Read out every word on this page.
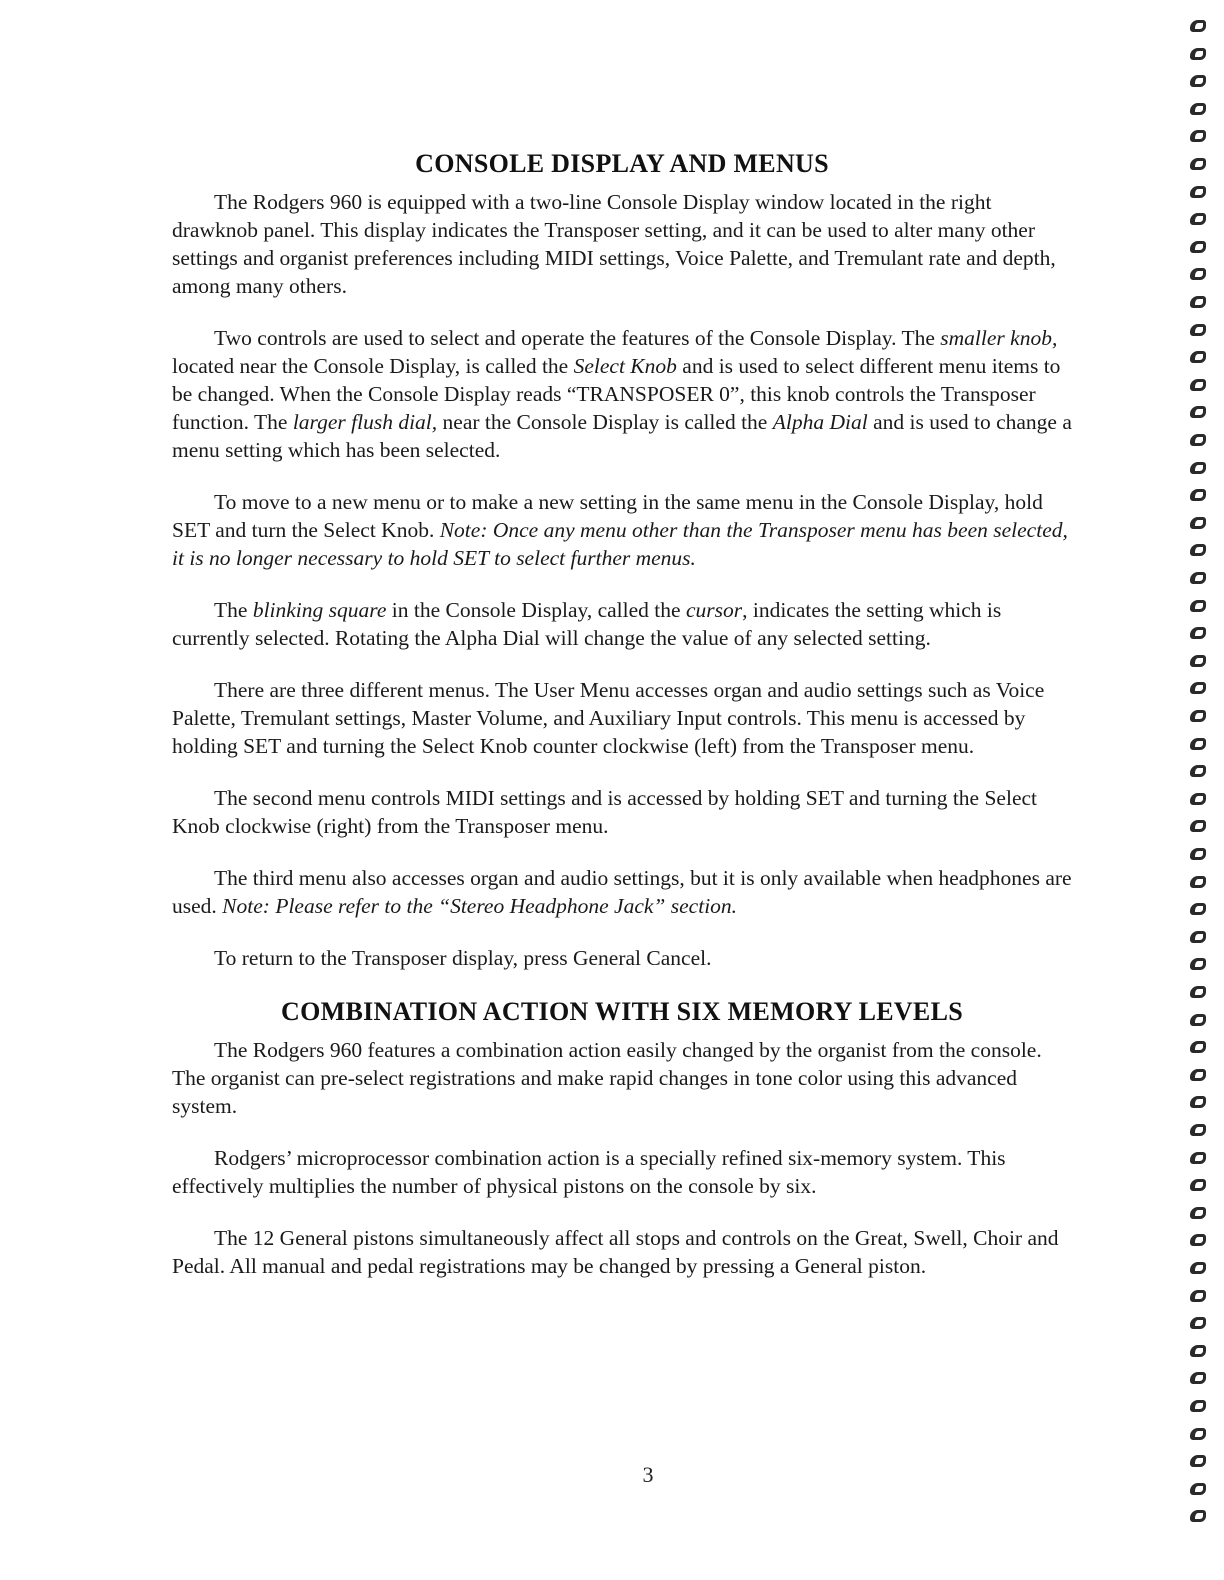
CONSOLE DISPLAY AND MENUS

The Rodgers 960 is equipped with a two-line Console Display window located in the right drawknob panel. This display indicates the Transposer setting, and it can be used to alter many other settings and organist preferences including MIDI settings, Voice Palette, and Tremulant rate and depth, among many others.

Two controls are used to select and operate the features of the Console Display. The smaller knob, located near the Console Display, is called the Select Knob and is used to select different menu items to be changed. When the Console Display reads “TRANSPOSER 0”, this knob controls the Transposer function. The larger flush dial, near the Console Display is called the Alpha Dial and is used to change a menu setting which has been selected.

To move to a new menu or to make a new setting in the same menu in the Console Display, hold SET and turn the Select Knob. Note: Once any menu other than the Transposer menu has been selected, it is no longer necessary to hold SET to select further menus.

The blinking square in the Console Display, called the cursor, indicates the setting which is currently selected. Rotating the Alpha Dial will change the value of any selected setting.

There are three different menus. The User Menu accesses organ and audio settings such as Voice Palette, Tremulant settings, Master Volume, and Auxiliary Input controls. This menu is accessed by holding SET and turning the Select Knob counter clockwise (left) from the Transposer menu.

The second menu controls MIDI settings and is accessed by holding SET and turning the Select Knob clockwise (right) from the Transposer menu.

The third menu also accesses organ and audio settings, but it is only available when headphones are used. Note: Please refer to the “Stereo Headphone Jack” section.

To return to the Transposer display, press General Cancel.

COMBINATION ACTION WITH SIX MEMORY LEVELS

The Rodgers 960 features a combination action easily changed by the organist from the console. The organist can pre-select registrations and make rapid changes in tone color using this advanced system.

Rodgers’ microprocessor combination action is a specially refined six-memory system. This effectively multiplies the number of physical pistons on the console by six.

The 12 General pistons simultaneously affect all stops and controls on the Great, Swell, Choir and Pedal. All manual and pedal registrations may be changed by pressing a General piston.

3
